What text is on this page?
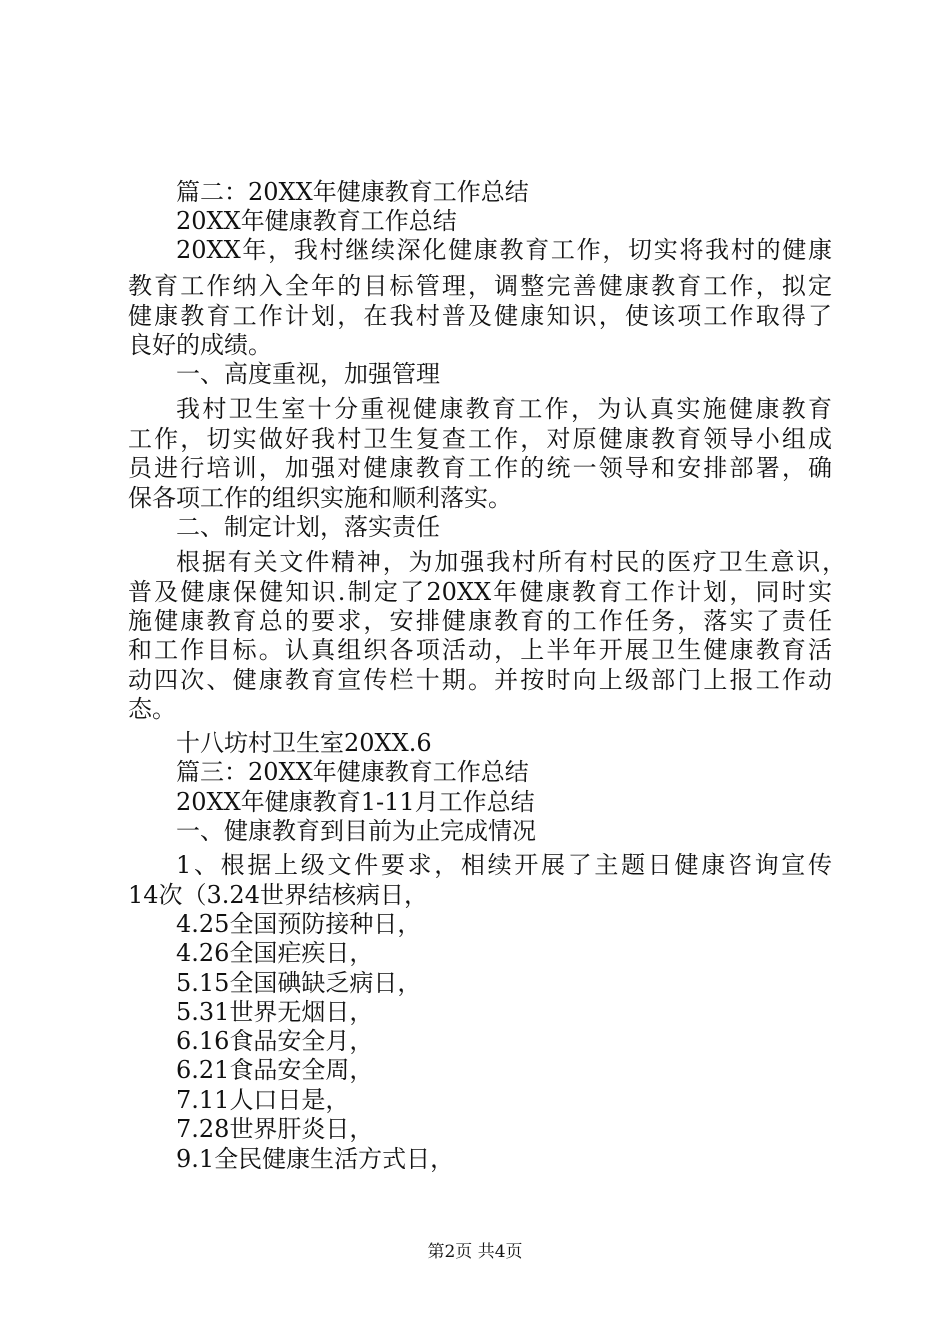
篇二：20XX年健康教育工作总结
20XX年健康教育工作总结
20XX年，我村继续深化健康教育工作，切实将我村的健康
教育工作纳入全年的目标管理，调整完善健康教育工作，拟定
健康教育工作计划，在我村普及健康知识，使该项工作取得了
良好的成绩。
一、高度重视，加强管理
我村卫生室十分重视健康教育工作，为认真实施健康教育
工作，切实做好我村卫生复查工作，对原健康教育领导小组成
员进行培训，加强对健康教育工作的统一领导和安排部署，确
保各项工作的组织实施和顺利落实。
二、制定计划，落实责任
根据有关文件精神，为加强我村所有村民的医疗卫生意识，
普及健康保健知识.制定了20XX年健康教育工作计划，同时实
施健康教育总的要求，安排健康教育的工作任务，落实了责任
和工作目标。认真组织各项活动，上半年开展卫生健康教育活
动四次、健康教育宣传栏十期。并按时向上级部门上报工作动
态。
十八坊村卫生室20XX.6
篇三：20XX年健康教育工作总结
20XX年健康教育1-11月工作总结
一、健康教育到目前为止完成情况
1、根据上级文件要求，相续开展了主题日健康咨询宣传
14次（3.24世界结核病日，
4.25全国预防接种日，
4.26全国疟疾日，
5.15全国碘缺乏病日，
5.31世界无烟日，
6.16食品安全月，
6.21食品安全周，
7.11人口日是，
7.28世界肝炎日，
9.1全民健康生活方式日，
第2页 共4页
